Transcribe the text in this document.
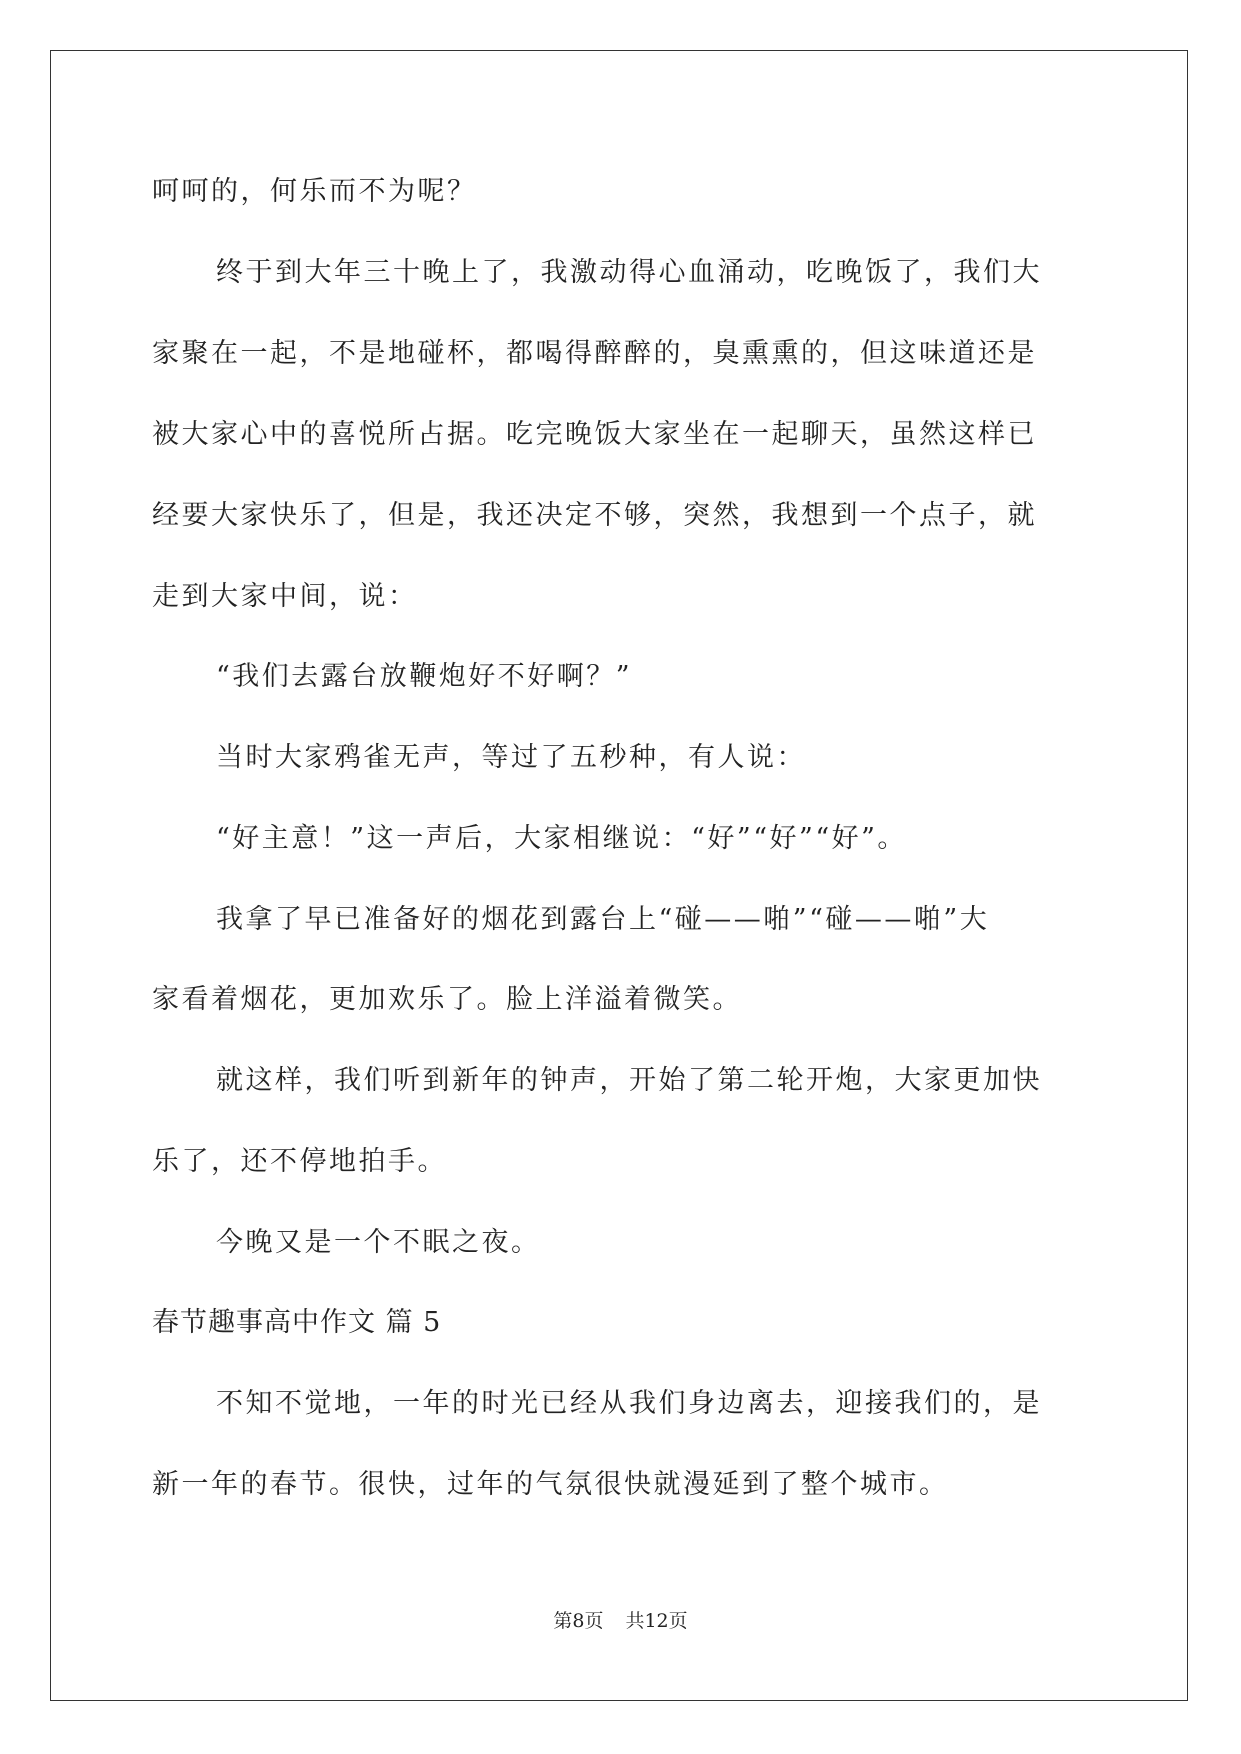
呵呵的，何乐而不为呢？

终于到大年三十晚上了，我激动得心血涌动，吃晚饭了，我们大

家聚在一起，不是地碰杯，都喝得醉醉的，臭熏熏的，但这味道还是

被大家心中的喜悦所占据。吃完晚饭大家坐在一起聊天，虽然这样已

经要大家快乐了，但是，我还决定不够，突然，我想到一个点子，就

走到大家中间，说：

“我们去露台放鞭炮好不好啊？”

当时大家鸦雀无声，等过了五秒种，有人说：

“好主意！”这一声后，大家相继说：“好”“好”“好”。

我拿了早已准备好的烟花到露台上“碰——啪”“碰——啪”大

家看着烟花，更加欢乐了。脸上洋溢着微笑。

就这样，我们听到新年的钟声，开始了第二轮开炮，大家更加快

乐了，还不停地拍手。

今晚又是一个不眠之夜。

春节趣事高中作文 篇 5

不知不觉地，一年的时光已经从我们身边离去，迎接我们的，是

新一年的春节。很快，过年的气氛很快就漫延到了整个城市。

第8页 共12页
